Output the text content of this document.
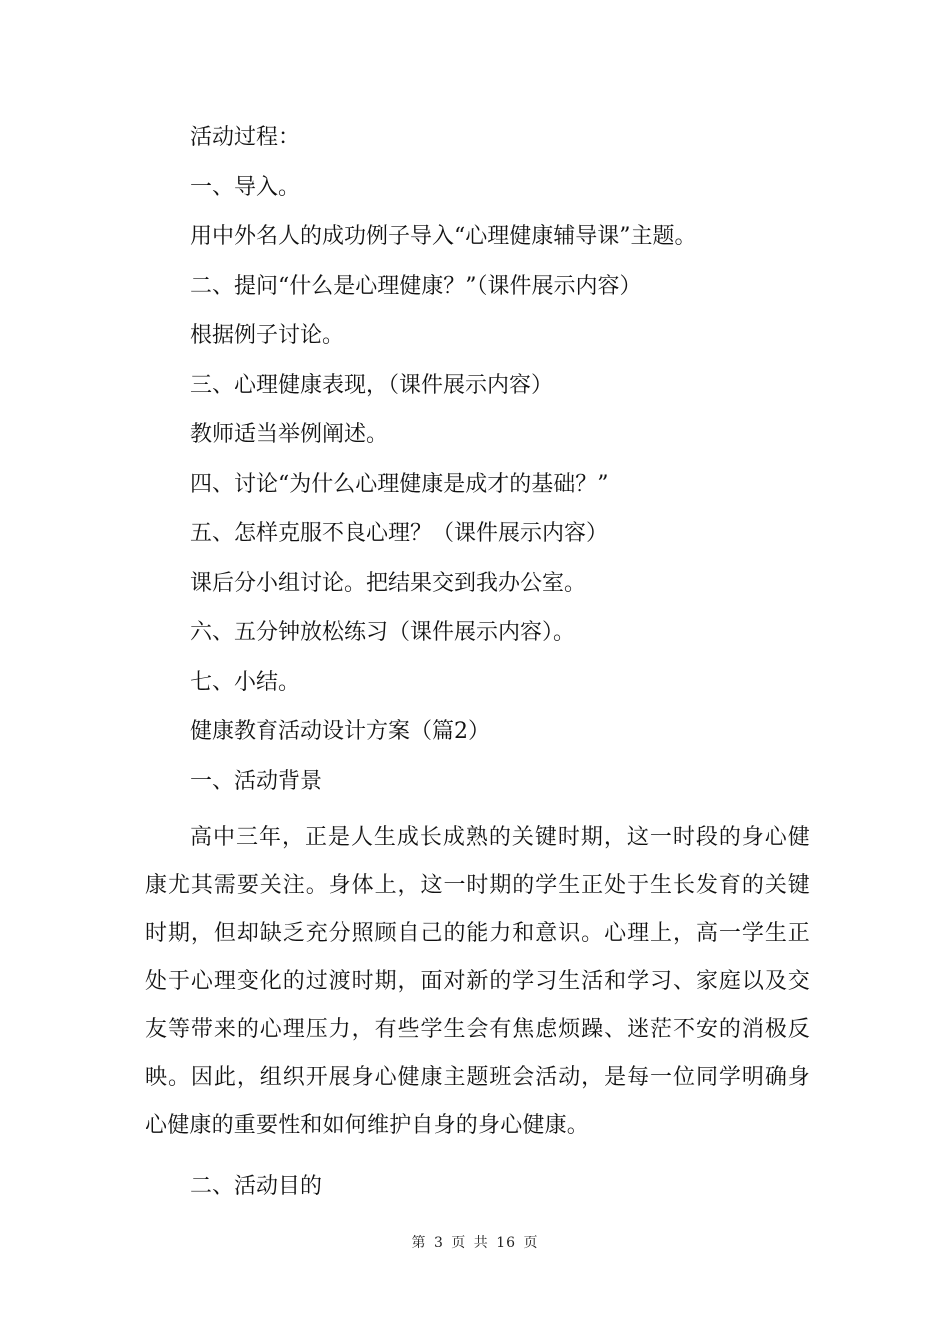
活动过程：

一、导入。

用中外名人的成功例子导入“心理健康辅导课”主题。

二、提问“什么是心理健康？”（课件展示内容）

根据例子讨论。

三、心理健康表现，（课件展示内容）

教师适当举例阐述。

四、讨论“为什么心理健康是成才的基础？”

五、怎样克服不良心理？（课件展示内容）

课后分小组讨论。把结果交到我办公室。

六、五分钟放松练习（课件展示内容）。

七、小结。

健康教育活动设计方案（篇2）

一、活动背景

高中三年，正是人生成长成熟的关键时期，这一时段的身心健康尤其需要关注。身体上，这一时期的学生正处于生长发育的关键时期，但却缺乏充分照顾自己的能力和意识。心理上，高一学生正处于心理变化的过渡时期，面对新的学习生活和学习、家庭以及交友等带来的心理压力，有些学生会有焦虑烦躁、迷茫不安的消极反映。因此，组织开展身心健康主题班会活动，是每一位同学明确身心健康的重要性和如何维护自身的身心健康。

二、活动目的

第 3 页 共 16 页
